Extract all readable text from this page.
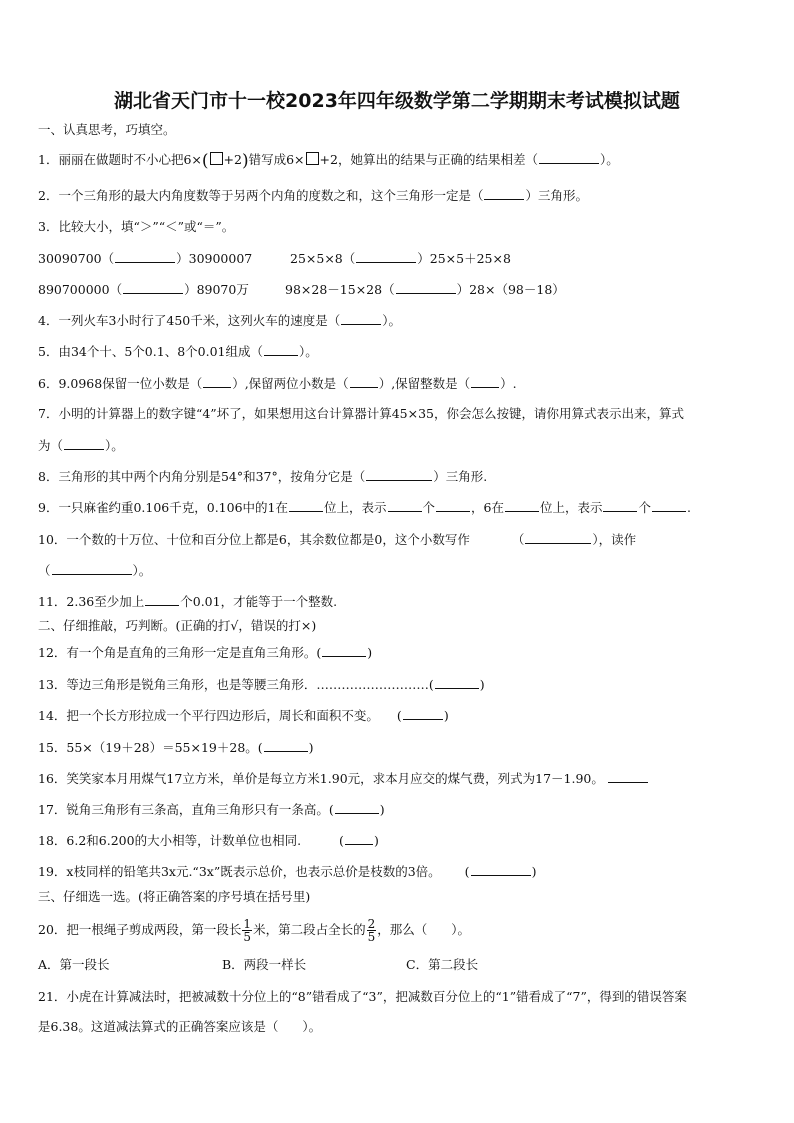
湖北省天门市十一校2023年四年级数学第二学期期末考试模拟试题
一、认真思考，巧填空。
1．丽丽在做题时不小心把6×( +2)错写成6× +2，她算出的结果与正确的结果相差（	）。
2．一个三角形的最大内角度数等于另两个内角的度数之和，这个三角形一定是（	）三角形。
3．比较大小，填“＞”“＜”或“＝”。
30090700（	）30900007	25×5×8（	）25×5＋25×8
890700000（	）89070万	98×28－15×28（	）28×（98－18）
4．一列火车3小时行了450千米，这列火车的速度是（	）。
5．由34个十、5个0.1、8个0.01组成（	）。
6．9.0968保留一位小数是（ ）,保留两位小数是（ ）,保留整数是（ ）.
7．小明的计算器上的数字键“4”坏了，如果想用这台计算器计算45×35，你会怎么按键，请你用算式表示出来，算式
为（	）。
8．三角形的其中两个内角分别是54°和37°，按角分它是（	）三角形.
9．一只麻雀约重0.106千克，0.106中的1在	位上，表示	个	，6在	位上，表示	个	.
10．一个数的十万位、十位和百分位上都是6，其余数位都是0，这个小数写作	（	），读作
（	）。
11．2.36至少加上	个0.01，才能等于一个整数.
二、仔细推敲，巧判断。(正确的打√，错误的打×)
12．有一个角是直角的三角形一定是直角三角形。(	)
13．等边三角形是锐角三角形，也是等腰三角形．………………………(	)
14．把一个长方形拉成一个平行四边形后，周长和面积不变。 (	)
15．55×（19＋28）＝55×19＋28。(	)
16．笑笑家本月用煤气17立方米，单价是每立方米1.90元，求本月应交的煤气费，列式为17－1.90。
17．锐角三角形有三条高，直角三角形只有一条高。(	)
18．6.2和6.200的大小相等，计数单位也相同.	( )
19．x枝同样的铅笔共3x元.“3x”既表示总价，也表示总价是枝数的3倍。 (	)
三、仔细选一选。(将正确答案的序号填在括号里)
20．把一根绳子剪成两段，第一段长 $\frac{1}{5}$ 米，第二段占全长的 $\frac{2}{5}$ ，那么（ ）。
A．第一段长	B．两段一样长	C．第二段长
21．小虎在计算减法时，把被减数十分位上的“8”错看成了“3”，把减数百分位上的“1”错看成了“7”，得到的错误答案
是6.38。这道减法算式的正确答案应该是（ ）。
